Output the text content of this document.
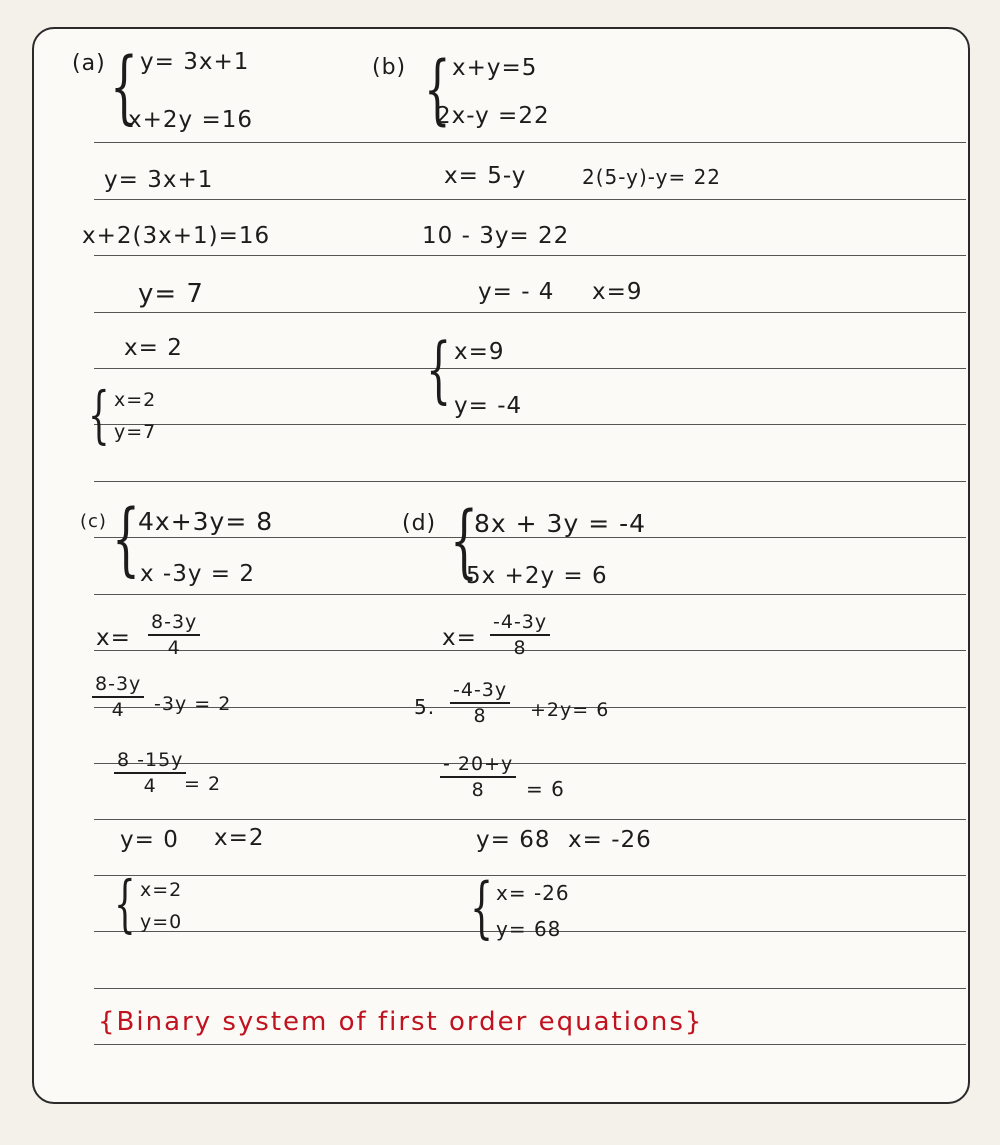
(a) { y= 3x+1
x+2y =16
y= 3x+1
x+2(3x+1)=16
y= 7
x= 2
{ x=2
y=7
(b) { x+y=5
2x-y =22
x= 5-y	2(5-y)-y= 22
10 - 3y= 22
y= - 4 x=9
{ x=9
y= -4
(c) {
4x+3y= 8
x -3y = 2
x=
8-3y
4
8-3y
4	-3y = 2
8 -15y
4	= 2
y= 0 x=2
{ x=2
y=0
(d) {
8x + 3y = -4
5x +2y = 6
x=
-4-3y
8
5.
-4-3y
8	+2y= 6
- 20+y
8	= 6
y= 68 x= -26
{ x= -26
y= 68
{Binary system of first order equations}
